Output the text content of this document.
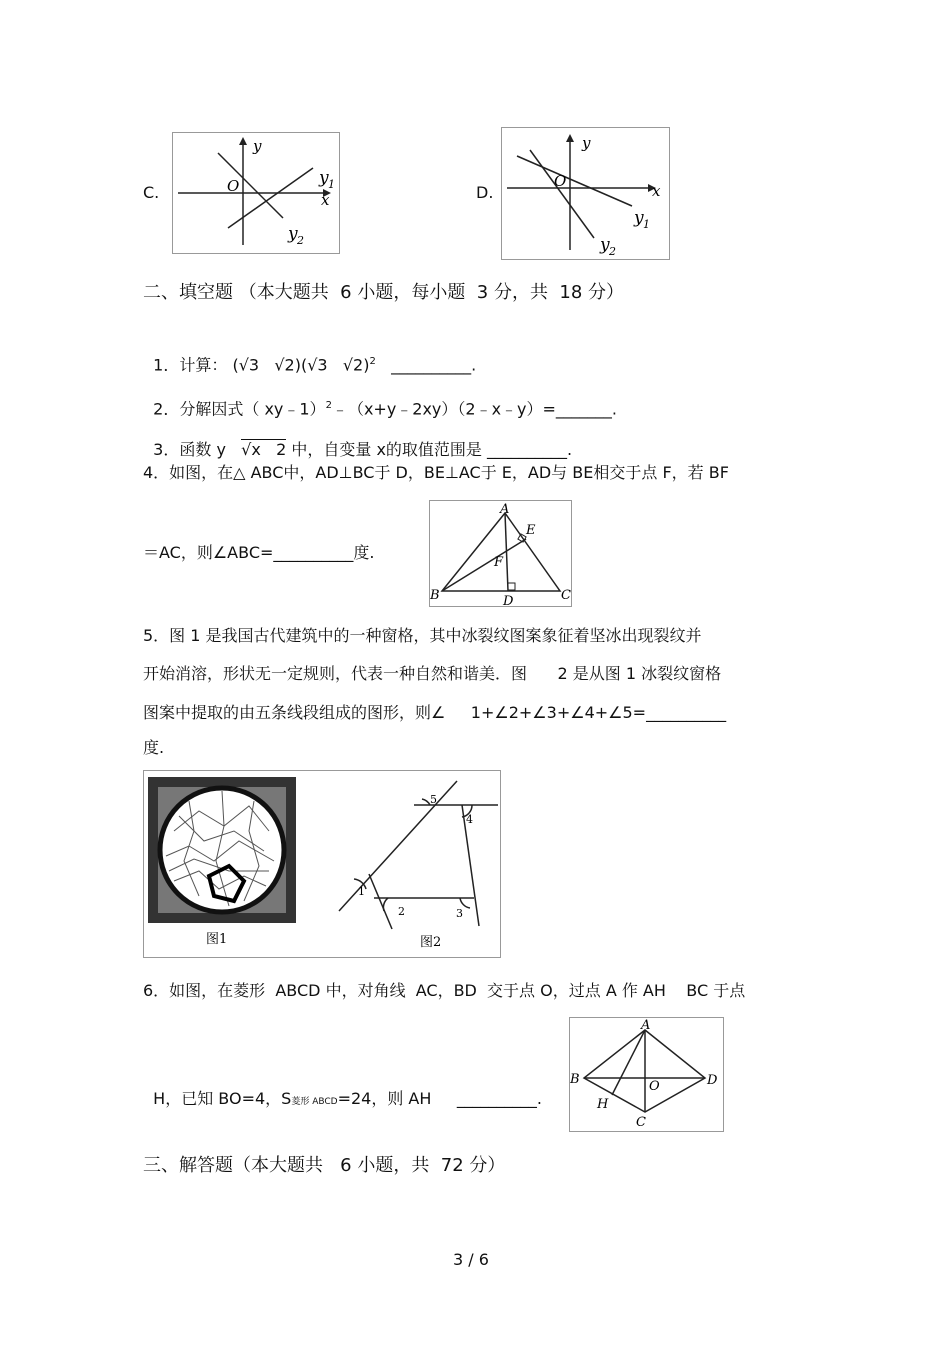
C.
y
x
O	y 1
y 2
D.
y
x
O
y 1
y 2
二、填空题 （本大题共  6 小题，每小题  3 分，共  18 分）

1．计算： (√3   √2)(√3   √2)$^2$ __________.

2．分解因式（ xy﹣1）$^2$﹣（x+y﹣2xy）（2﹣x﹣y）=_______.

3．函数 y   √x   2 中，自变量 x的取值范围是 __________.

4．如图，在△ ABC中，AD⊥BC于 D，BE⊥AC于 E，AD与 BE相交于点 F，若 BF
＝AC，则∠ABC=__________度.
A
B	C
D
E
F
5．图 1 是我国古代建筑中的一种窗格，其中冰裂纹图案象征着坚冰出现裂纹并
开始消溶，形状无一定规则，代表一种自然和谐美．图      2 是从图 1 冰裂纹窗格
图案中提取的由五条线段组成的图形，则∠     1+∠2+∠3+∠4+∠5=__________
度.
图1
5
4
1
2	3
图2
6．如图，在菱形  ABCD 中，对角线  AC，BD  交于点 O，过点 A 作 AH    BC 于点

H，已知 BO=4，S菱形 ABCD=24，则 AH     __________.

A
B
C
D
O
H
三、解答题（本大题共   6 小题，共  72 分）
3 / 6
